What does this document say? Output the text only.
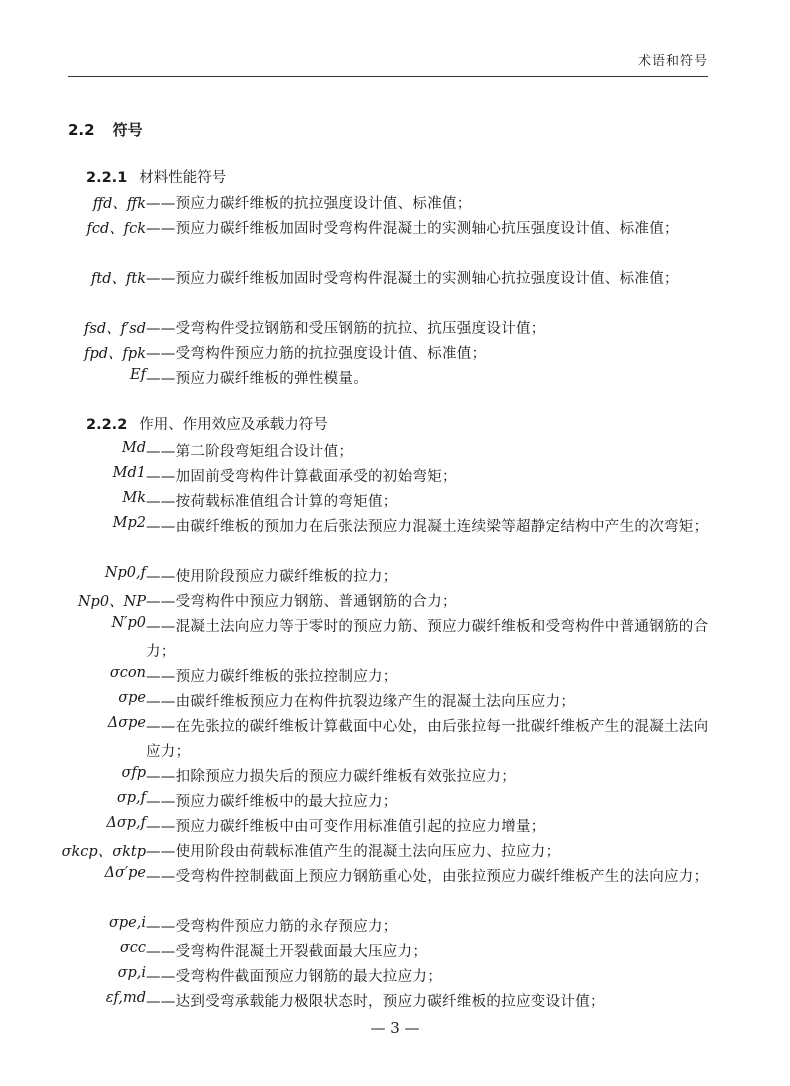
术语和符号
2.2 符号
2.2.1 材料性能符号
2.2.2 作用、作用效应及承载力符号
ffd、ffk ——预应力碳纤维板的抗拉强度设计值、标准值；
fcd、fck ——预应力碳纤维板加固时受弯构件混凝土的实测轴心抗压强度设计值、标准值；
ftd、ftk ——预应力碳纤维板加固时受弯构件混凝土的实测轴心抗拉强度设计值、标准值；
fsd、f′sd ——受弯构件受拉钢筋和受压钢筋的抗拉、抗压强度设计值；
fpd、fpk ——受弯构件预应力筋的抗拉强度设计值、标准值；
Ef ——预应力碳纤维板的弹性模量。
Md ——第二阶段弯矩组合设计值；
Md1 ——加固前受弯构件计算截面承受的初始弯矩；
Mk ——按荷载标准值组合计算的弯矩值；
Mp2 ——由碳纤维板的预加力在后张法预应力混凝土连续梁等超静定结构中产生的次弯矩；
Np0,f ——使用阶段预应力碳纤维板的拉力；
Np0、NP ——受弯构件中预应力钢筋、普通钢筋的合力；
N′p0 ——混凝土法向应力等于零时的预应力筋、预应力碳纤维板和受弯构件中普通钢筋的合力；
σcon ——预应力碳纤维板的张拉控制应力；
σpe ——由碳纤维板预应力在构件抗裂边缘产生的混凝土法向压应力；
Δσpe ——在先张拉的碳纤维板计算截面中心处，由后张拉每一批碳纤维板产生的混凝土法向应力；
σfp ——扣除预应力损失后的预应力碳纤维板有效张拉应力；
σp,f ——预应力碳纤维板中的最大拉应力；
Δσp,f ——预应力碳纤维板中由可变作用标准值引起的拉应力增量；
σkcp、σktp ——使用阶段由荷载标准值产生的混凝土法向压应力、拉应力；
Δσ′pe ——受弯构件控制截面上预应力钢筋重心处，由张拉预应力碳纤维板产生的法向应力；
σpe,i ——受弯构件预应力筋的永存预应力；
σcc ——受弯构件混凝土开裂截面最大压应力；
σp,i ——受弯构件截面预应力钢筋的最大拉应力；
εf,md ——达到受弯承载能力极限状态时，预应力碳纤维板的拉应变设计值；
— 3 —
